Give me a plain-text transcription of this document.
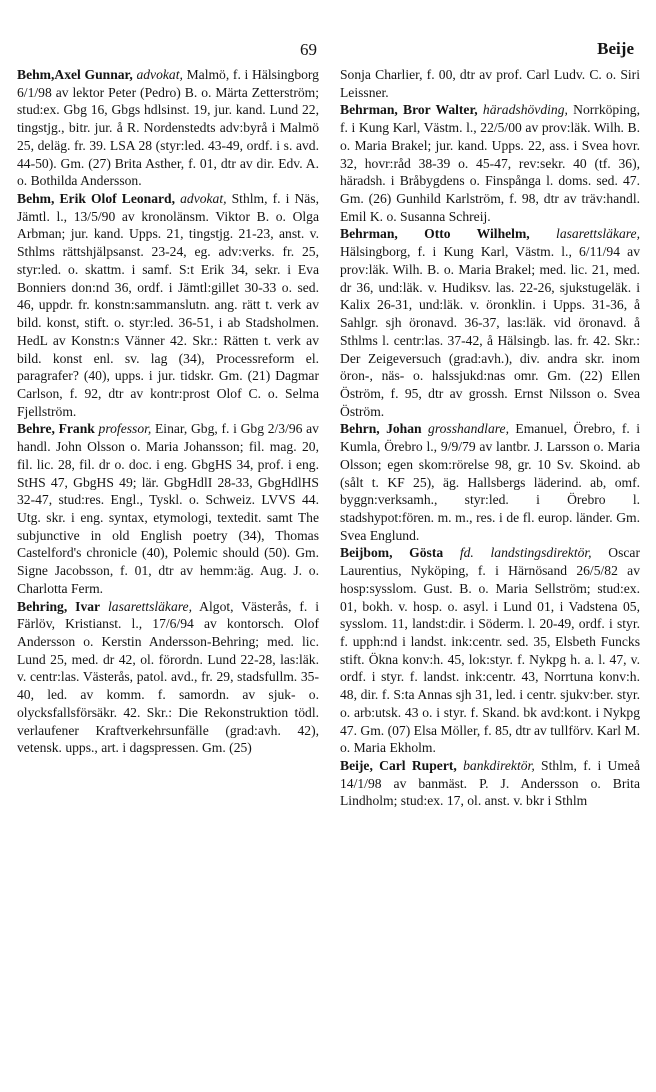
69	Beije

Behm,Axel Gunnar, advokat, Malmö, f. i Hälsingborg 6/1/98 av lektor Peter (Pedro) B. o. Märta Zetterström; stud:ex. Gbg 16, Gbgs hdlsinst. 19, jur. kand. Lund 22, tingstjg., bitr. jur. å R. Nordenstedts adv:byrå i Malmö 25, deläg. fr. 39. LSA 28 (styr:led. 43-49, ordf. i s. avd. 44-50). Gm. (27) Brita Asther, f. 01, dtr av dir. Edv. A. o. Bothilda Andersson.

Behm, Erik Olof Leonard, advokat, Sthlm, f. i Näs, Jämtl. l., 13/5/90 av kronolänsm. Viktor B. o. Olga Arbman; jur. kand. Upps. 21, tingstjg. 21-23, anst. v. Sthlms rättshjälpsanst. 23-24, eg. adv:verks. fr. 25, styr:led. o. skattm. i samf. S:t Erik 34, sekr. i Eva Bonniers don:nd 36, ordf. i Jämtl:gillet 30-33 o. sed. 46, uppdr. fr. konstn:sammanslutn. ang. rätt t. verk av bild. konst, stift. o. styr:led. 36-51, i ab Stadsholmen. HedL av Konstn:s Vänner 42. Skr.: Rätten t. verk av bild. konst enl. sv. lag (34), Processreform el. paragrafer? (40), upps. i jur. tidskr. Gm. (21) Dagmar Carlson, f. 92, dtr av kontr:prost Olof C. o. Selma Fjellström.

Behre, Frank professor, Einar, Gbg, f. i Gbg 2/3/96 av handl. John Olsson o. Maria Johansson; fil. mag. 20, fil. lic. 28, fil. dr o. doc. i eng. GbgHS 34, prof. i eng. StHS 47, GbgHS 49; lär. GbgHdlI 28-33, GbgHdlHS 32-47, stud:res. Engl., Tyskl. o. Schweiz. LVVS 44. Utg. skr. i eng. syntax, etymologi, textedit. samt The subjunctive in old English poetry (34), Thomas Castelford's chronicle (40), Polemic should (50). Gm. Signe Jacobsson, f. 01, dtr av hemm:äg. Aug. J. o. Charlotta Ferm.

Behring, Ivar lasarettsläkare, Algot, Västerås, f. i Färlöv, Kristianst. l., 17/6/94 av kontorsch. Olof Andersson o. Kerstin Andersson-Behring; med. lic. Lund 25, med. dr 42, ol. förordn. Lund 22-28, las:läk. v. centr:las. Västerås, patol. avd., fr. 29, stadsfullm. 35-40, led. av komm. f. samordn. av sjuk- o. olycksfallsförsäkr. 42. Skr.: Die Rekonstruktion tödl. verlaufener Kraftverkehrsunfälle (grad:avh. 42), vetensk. upps., art. i dagspressen. Gm. (25)

Sonja Charlier, f. 00, dtr av prof. Carl Ludv. C. o. Siri Leissner.

Behrman, Bror Walter, häradshövding, Norrköping, f. i Kung Karl, Västm. l., 22/5/00 av prov:läk. Wilh. B. o. Maria Brakel; jur. kand. Upps. 22, ass. i Svea hovr. 32, hovr:råd 38-39 o. 45-47, rev:sekr. 40 (tf. 36), häradsh. i Bråbygdens o. Finspånga l. doms. sed. 47. Gm. (26) Gunhild Karlström, f. 98, dtr av träv:handl. Emil K. o. Susanna Schreij.

Behrman, Otto Wilhelm, lasarettsläkare, Hälsingborg, f. i Kung Karl, Västm. l., 6/11/94 av prov:läk. Wilh. B. o. Maria Brakel; med. lic. 21, med. dr 36, und:läk. v. Hudiksv. las. 22-26, sjukstugeläk. i Kalix 26-31, und:läk. v. öronklin. i Upps. 31-36, å Sahlgr. sjh öronavd. 36-37, las:läk. vid öronavd. å Sthlms l. centr:las. 37-42, å Hälsingb. las. fr. 42. Skr.: Der Zeigeversuch (grad:avh.), div. andra skr. inom öron-, näs- o. halssjukd:nas omr. Gm. (22) Ellen Öström, f. 95, dtr av grossh. Ernst Nilsson o. Svea Öström.

Behrn, Johan grosshandlare, Emanuel, Örebro, f. i Kumla, Örebro l., 9/9/79 av lantbr. J. Larsson o. Maria Olsson; egen skom:rörelse 98, gr. 10 Sv. Skoind. ab (sålt t. KF 25), äg. Hallsbergs läderind. ab, omf. byggn:verksamh., styr:led. i Örebro l. stadshypot:fören. m. m., res. i de fl. europ. länder. Gm. Svea Englund.

Beijbom, Gösta fd. landstingsdirektör, Oscar Laurentius, Nyköping, f. i Härnösand 26/5/82 av hosp:sysslom. Gust. B. o. Maria Sellström; stud:ex. 01, bokh. v. hosp. o. asyl. i Lund 01, i Vadstena 05, sysslom. 11, landst:dir. i Söderm. l. 20-49, ordf. i styr. f. upph:nd i landst. ink:centr. sed. 35, Elsbeth Funcks stift. Ökna konv:h. 45, lok:styr. f. Nykpg h. a. l. 47, v. ordf. i styr. f. landst. ink:centr. 43, Norrtuna konv:h. 48, dir. f. S:ta Annas sjh 31, led. i centr. sjukv:ber. styr. o. arb:utsk. 43 o. i styr. f. Skand. bk avd:kont. i Nykpg 47. Gm. (07) Elsa Möller, f. 85, dtr av tullförv. Karl M. o. Maria Ekholm.

Beije, Carl Rupert, bankdirektör, Sthlm, f. i Umeå 14/1/98 av banmäst. P. J. Andersson o. Brita Lindholm; stud:ex. 17, ol. anst. v. bkr i Sthlm
